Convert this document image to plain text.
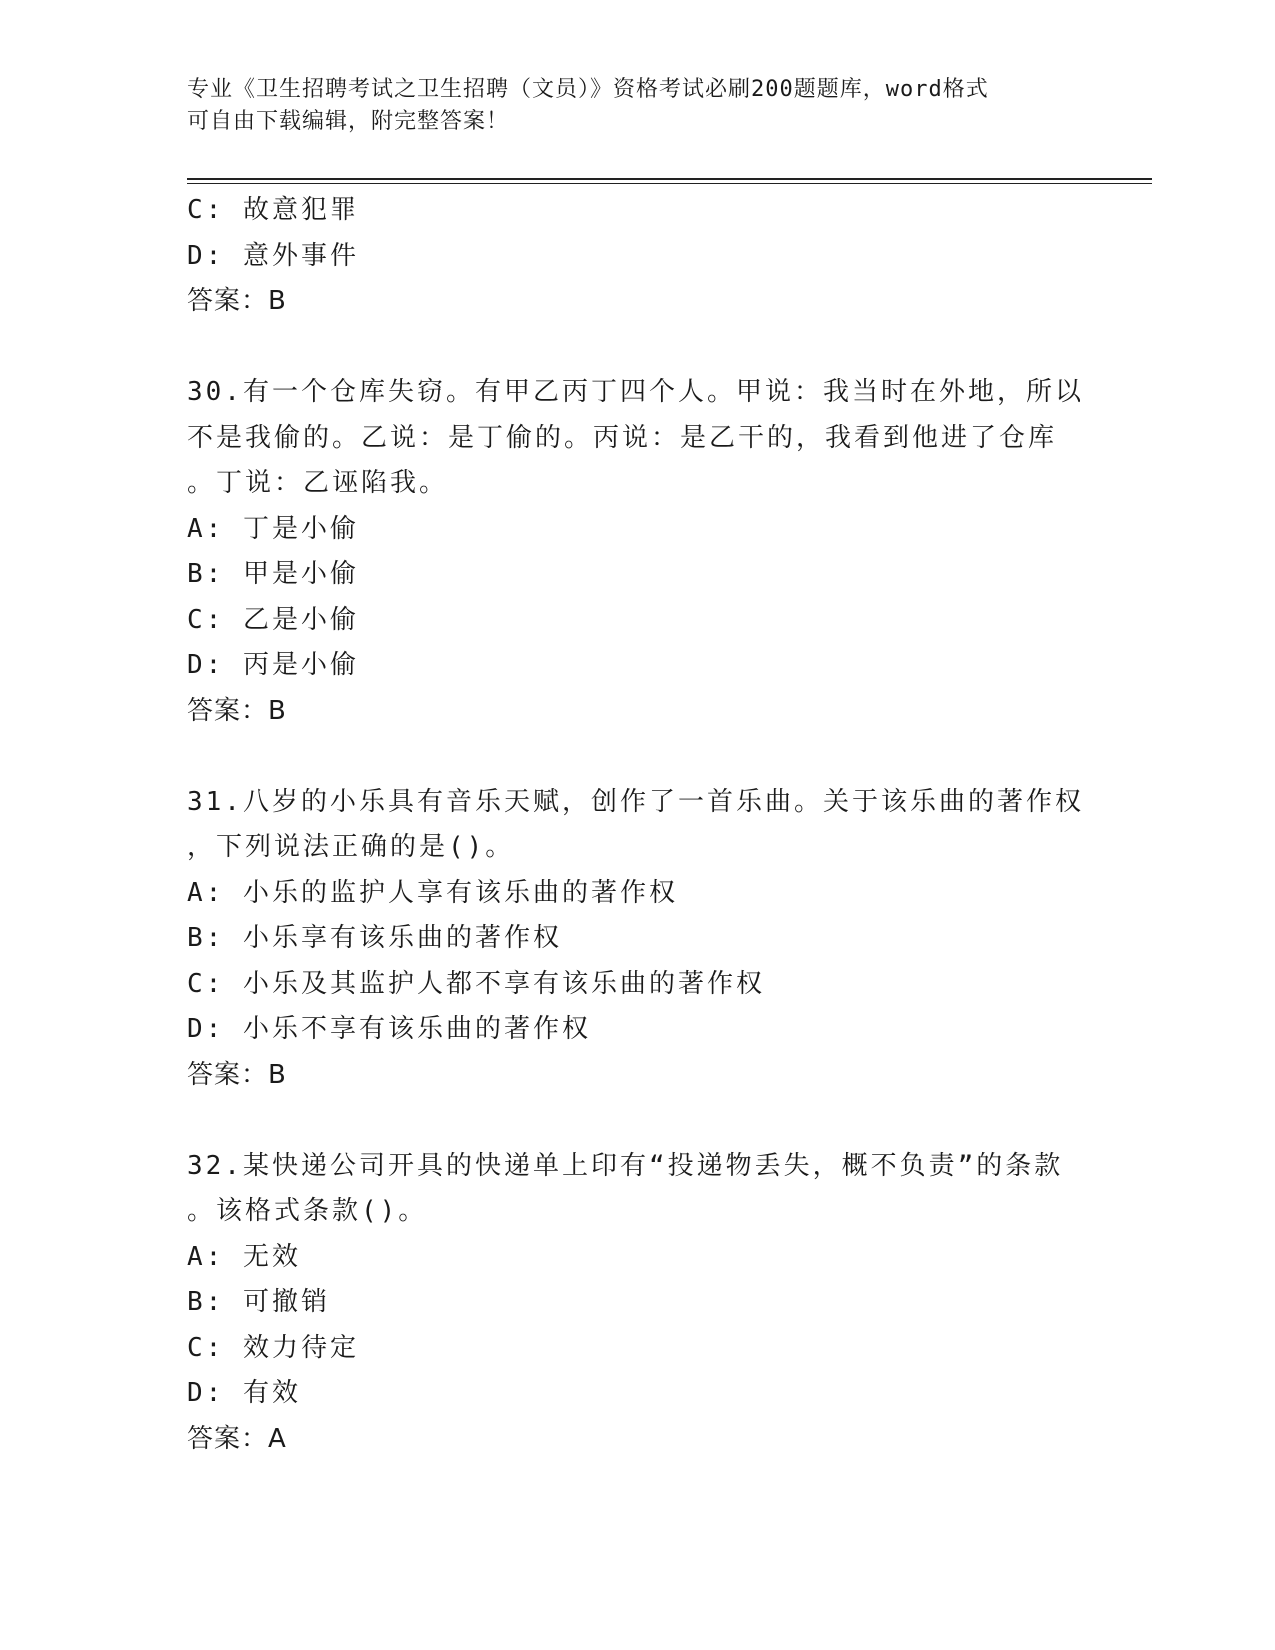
专业《卫生招聘考试之卫生招聘（文员）》资格考试必刷200题题库，word格式
可自由下载编辑，附完整答案！
C: 故意犯罪
D: 意外事件
答案：B
30.有一个仓库失窃。有甲乙丙丁四个人。甲说：我当时在外地，所以
不是我偷的。乙说：是丁偷的。丙说：是乙干的，我看到他进了仓库
。丁说：乙诬陷我。
A: 丁是小偷
B: 甲是小偷
C: 乙是小偷
D: 丙是小偷
答案：B
31.八岁的小乐具有音乐天赋，创作了一首乐曲。关于该乐曲的著作权
，下列说法正确的是()。
A: 小乐的监护人享有该乐曲的著作权
B: 小乐享有该乐曲的著作权
C: 小乐及其监护人都不享有该乐曲的著作权
D: 小乐不享有该乐曲的著作权
答案：B
32.某快递公司开具的快递单上印有“投递物丢失，概不负责”的条款
。该格式条款()。
A: 无效
B: 可撤销
C: 效力待定
D: 有效
答案：A
